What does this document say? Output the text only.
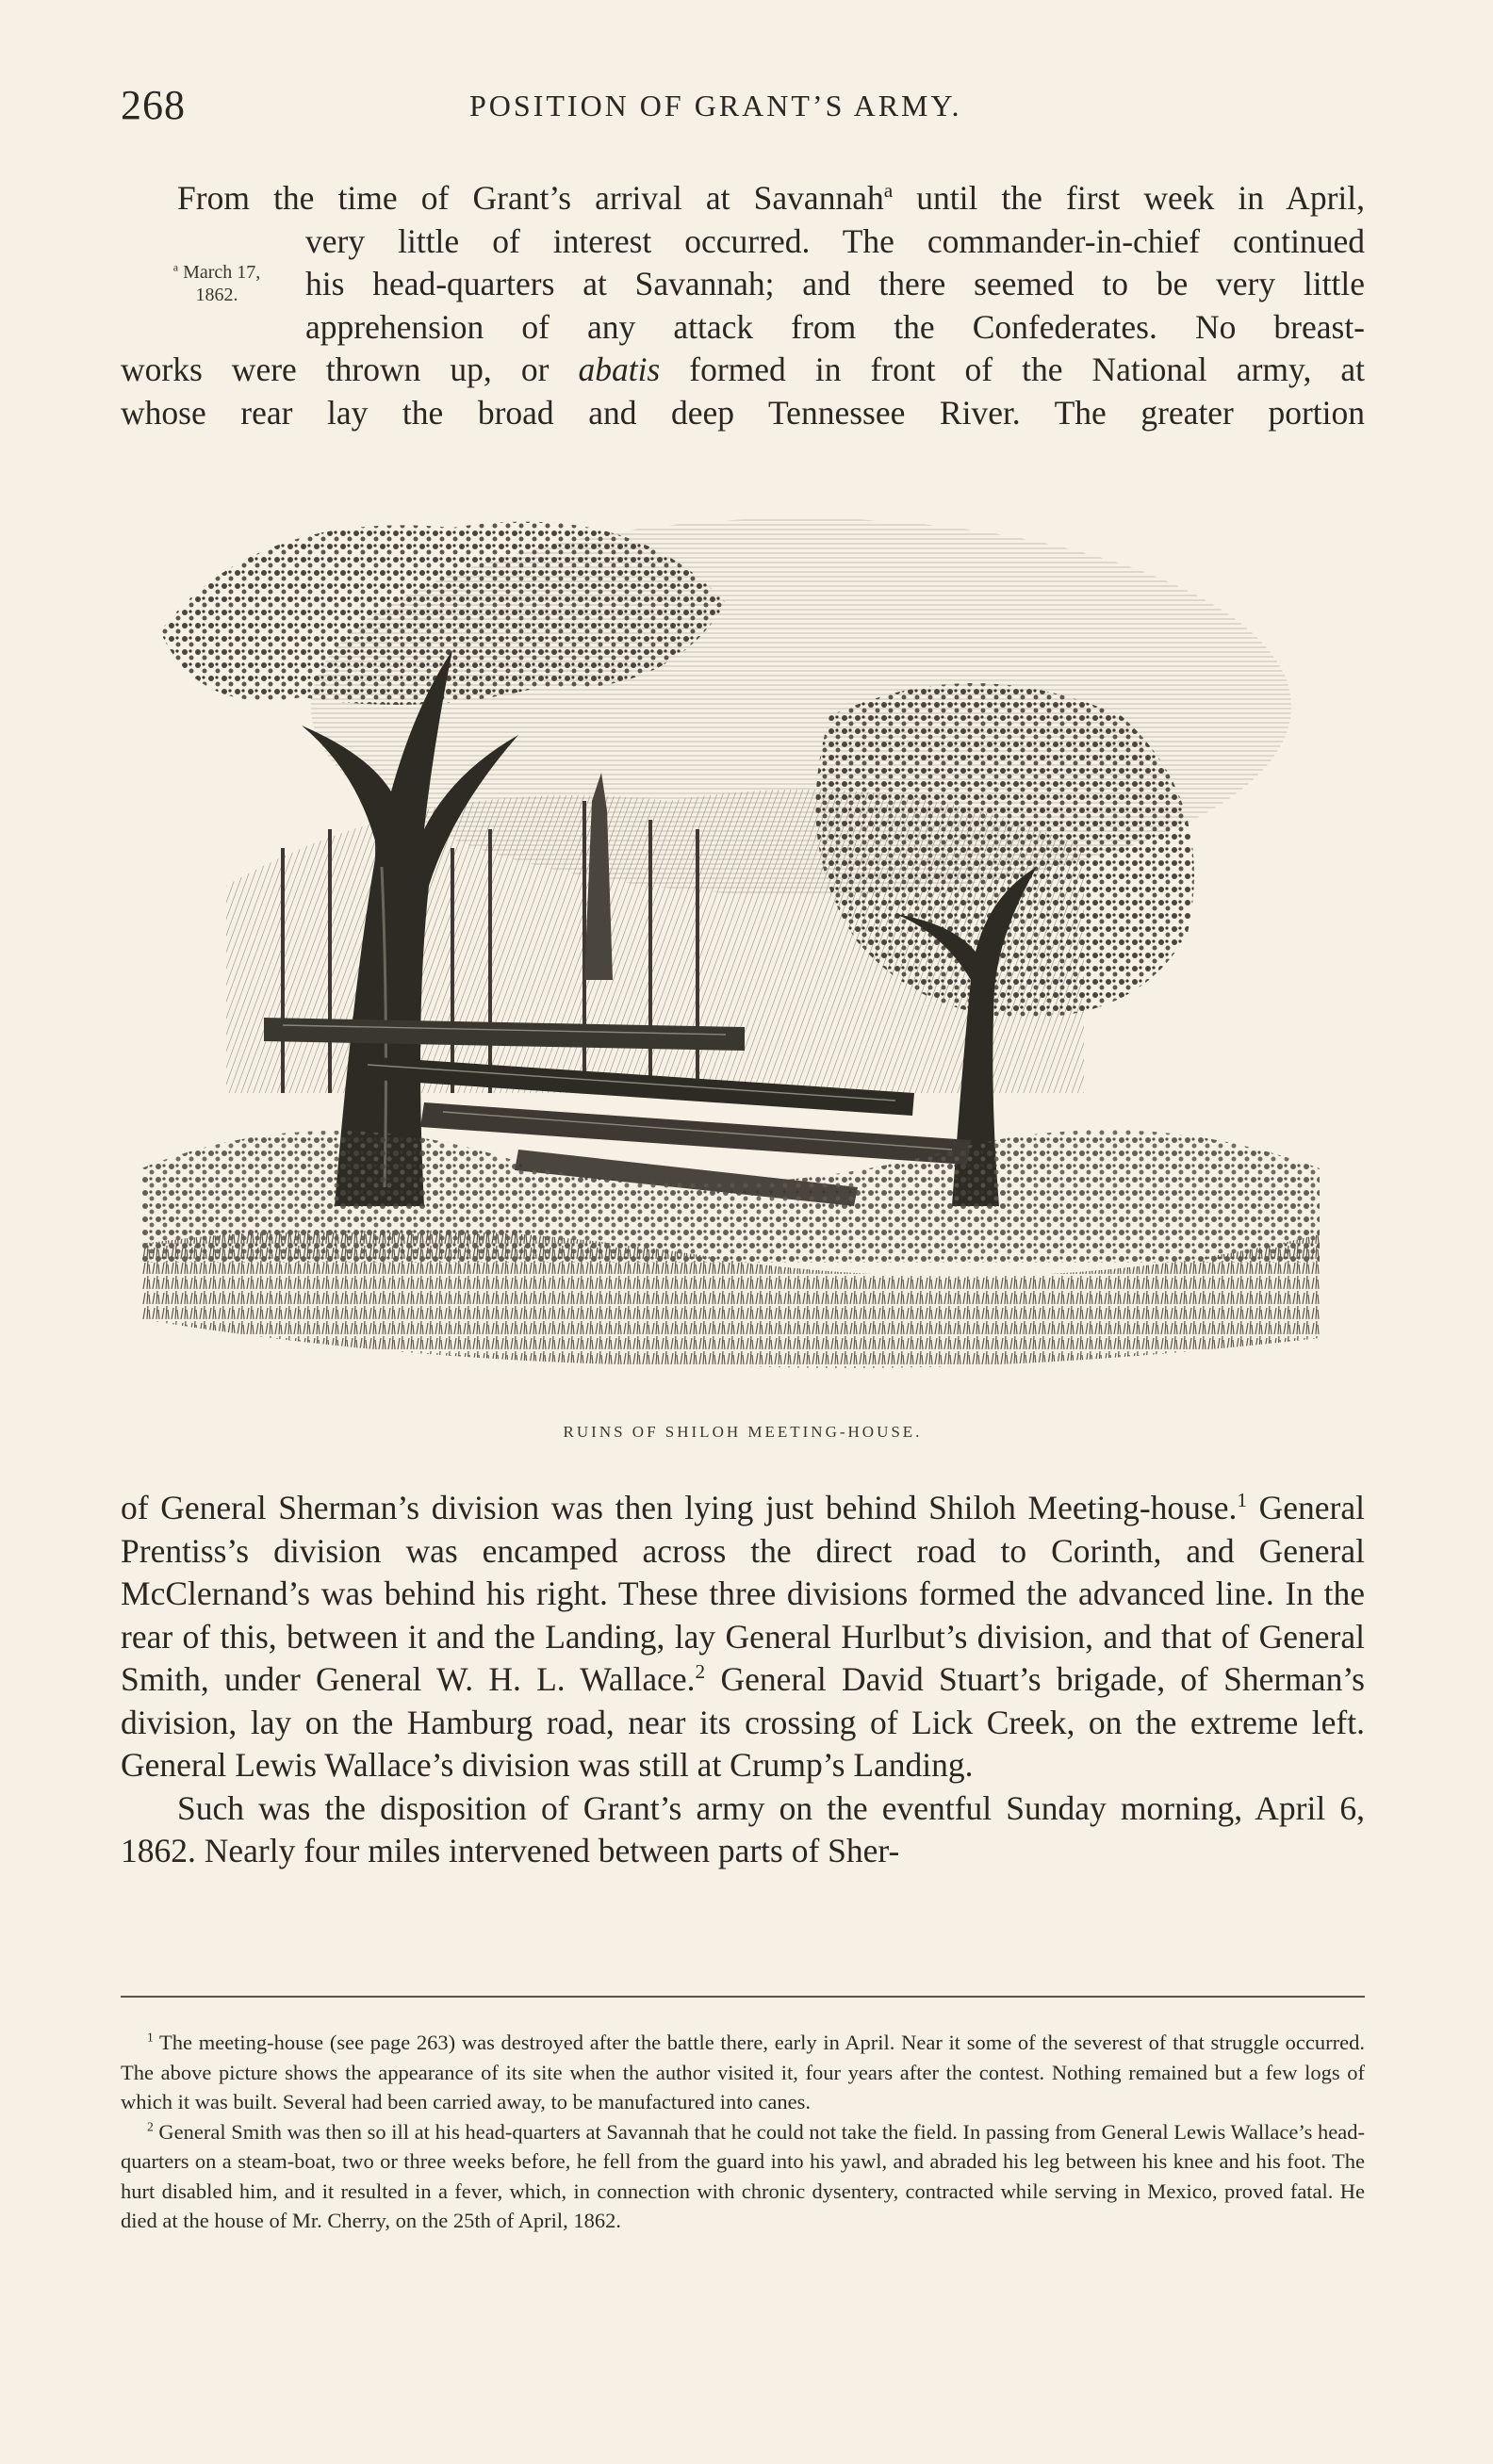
268	POSITION OF GRANT’S ARMY.
$^a$ March 17,
1862.
From the time of Grant’s arrival at Savannah$^a$ until the first week in April,
very little of interest occurred. The commander-in-chief continued
his head-quarters at Savannah; and there seemed to be very little
apprehension of any attack from the Confederates. No breast-
works were thrown up, or abatis formed in front of the National army, at
whose rear lay the broad and deep Tennessee River. The greater portion
RUINS OF SHILOH MEETING-HOUSE.

of General Sherman’s division was then lying just behind Shiloh Meeting-house.$^1$ General Prentiss’s division was encamped across the direct road to Corinth, and General McClernand’s was behind his right. These three divisions formed the advanced line. In the rear of this, between it and the Landing, lay General Hurlbut’s division, and that of General Smith, under General W. H. L. Wallace.$^2$ General David Stuart’s brigade, of Sherman’s division, lay on the Hamburg road, near its crossing of Lick Creek, on the extreme left. General Lewis Wallace’s division was still at Crump’s Landing.

Such was the disposition of Grant’s army on the eventful Sunday morning, April 6, 1862. Nearly four miles intervened between parts of Sher-

$^1$ The meeting-house (see page 263) was destroyed after the battle there, early in April. Near it some of the severest of that struggle occurred. The above picture shows the appearance of its site when the author visited it, four years after the contest. Nothing remained but a few logs of which it was built. Several had been carried away, to be manufactured into canes.

$^2$ General Smith was then so ill at his head-quarters at Savannah that he could not take the field. In passing from General Lewis Wallace’s head-quarters on a steam-boat, two or three weeks before, he fell from the guard into his yawl, and abraded his leg between his knee and his foot. The hurt disabled him, and it resulted in a fever, which, in connection with chronic dysentery, contracted while serving in Mexico, proved fatal. He died at the house of Mr. Cherry, on the 25th of April, 1862.
